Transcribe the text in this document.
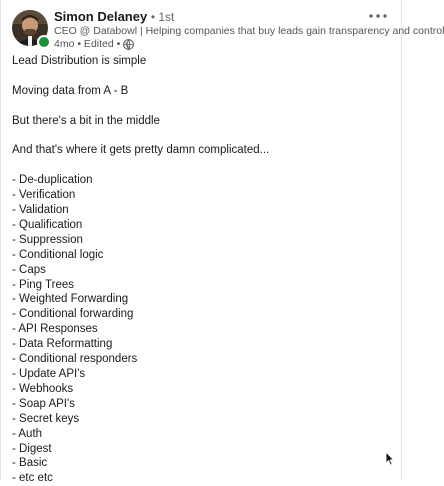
Simon Delaney • 1st
CEO @ Databowl | Helping companies that buy leads gain transparency and control
4mo • Edited •

Lead Distribution is simple

Moving data from A - B

But there's a bit in the middle

And that's where it gets pretty damn complicated...

- De-duplication
- Verification
- Validation
- Qualification
- Suppression
- Conditional logic
- Caps
- Ping Trees
- Weighted Forwarding
- Conditional forwarding
- API Responses
- Data Reformatting
- Conditional responders
- Update API's
- Webhooks
- Soap API's
- Secret keys
- Auth
- Digest
- Basic
- etc etc
